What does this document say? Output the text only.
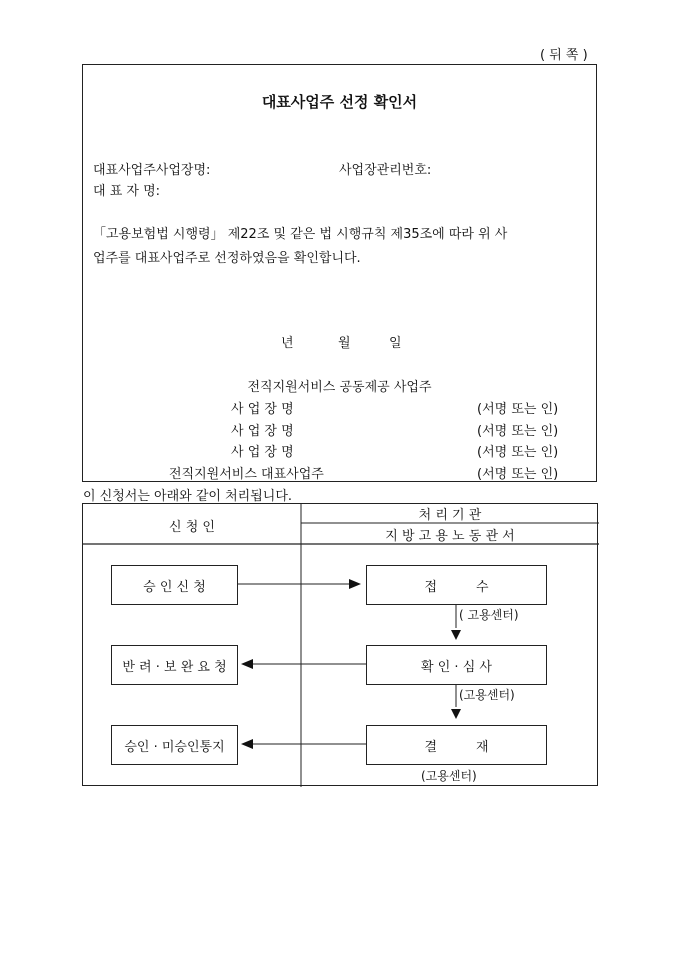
( 뒤 쪽 )
대표사업주 선정 확인서
대표사업주사업장명:	사업장관리번호:
대 표 자 명:
「고용보험법 시행령」 제22조 및 같은 법 시행규칙 제35조에 따라 위 사
업주를 대표사업주로 선정하였음을 확인합니다.
년	월	일
전직지원서비스 공동제공 사업주
사 업 장 명	(서명 또는 인)
사 업 장 명	(서명 또는 인)
사 업 장 명	(서명 또는 인)
전직지원서비스 대표사업주	(서명 또는 인)
이 신청서는 아래와 같이 처리됩니다.
신 청 인
처 리 기 관
지 방 고 용 노 동 관 서
승 인 신 청
반 려 · 보 완 요 청
승인 · 미승인통지
접　　　수
확 인 · 심 사
결　　　재
( 고용센터)
(고용센터)
(고용센터)
